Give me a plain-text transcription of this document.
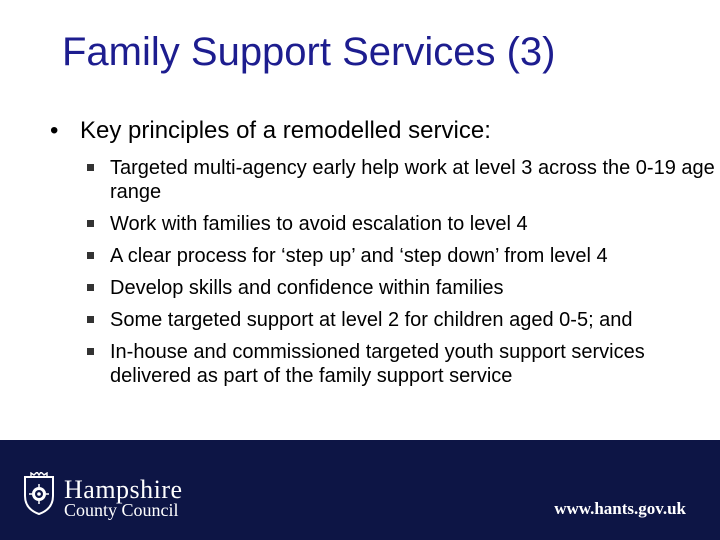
Family Support Services (3)
• Key principles of a remodelled service:
Targeted multi-agency early help work at level 3 across the 0-19 age range
Work with families to avoid escalation to level 4
A clear process for ‘step up’ and ‘step down’ from level 4
Develop skills and confidence within families
Some targeted support at level 2 for children aged 0-5; and
In-house and commissioned targeted youth support services delivered as part of the family support service
Hampshire
County Council	www.hants.gov.uk
